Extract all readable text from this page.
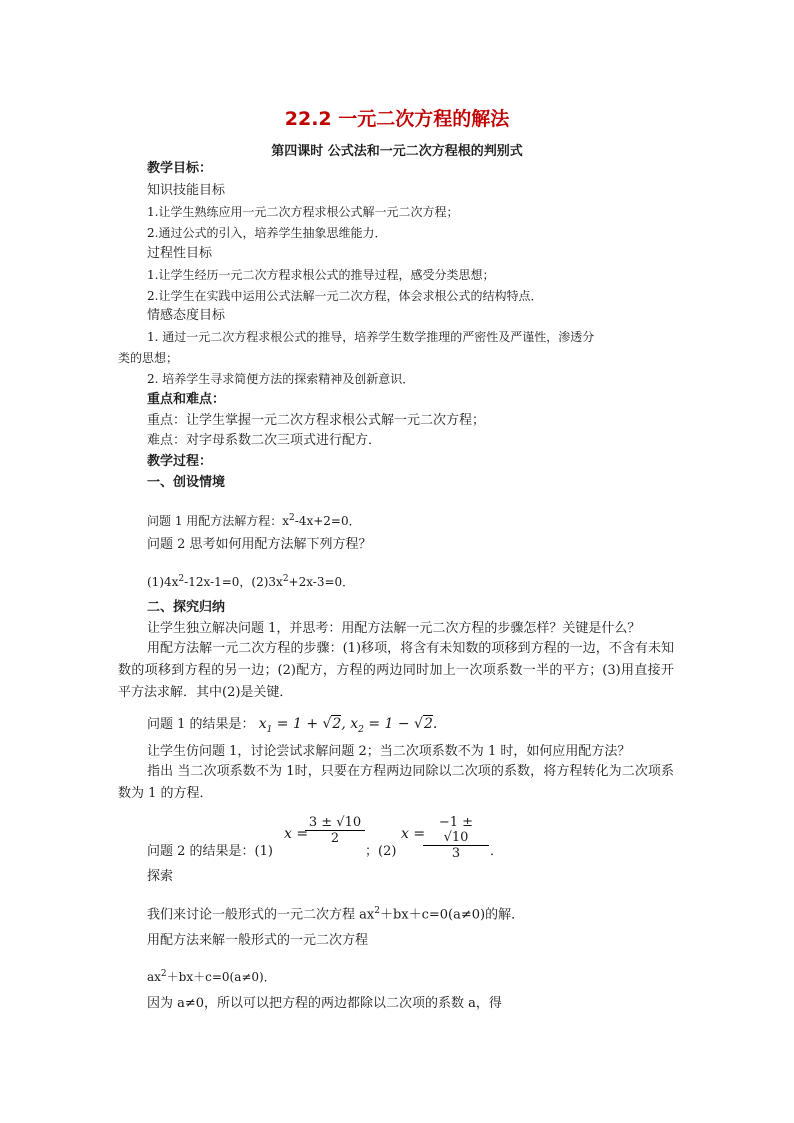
22.2 一元二次方程的解法
第四课时 公式法和一元二次方程根的判别式
教学目标：
知识技能目标
1.让学生熟练应用一元二次方程求根公式解一元二次方程；
2.通过公式的引入，培养学生抽象思维能力．
过程性目标
1.让学生经历一元二次方程求根公式的推导过程，感受分类思想；
2.让学生在实践中运用公式法解一元二次方程，体会求根公式的结构特点．
情感态度目标
1. 通过一元二次方程求根公式的推导，培养学生数学推理的严密性及严谨性，渗透分
类的思想；
2. 培养学生寻求简便方法的探索精神及创新意识．
重点和难点：
重点：让学生掌握一元二次方程求根公式解一元二次方程；
难点：对字母系数二次三项式进行配方．
教学过程：
一、创设情境
问题 1 用配方法解方程：$x^2-4x+2=0$．
问题 2 思考如何用配方法解下列方程？
$(1)4x^2-12x-1=0$，$(2)3x^2+2x-3=0$．
二、探究归纳
让学生独立解决问题 1，并思考：用配方法解一元二次方程的步骤怎样？关键是什么？
用配方法解一元二次方程的步骤：(1)移项，将含有未知数的项移到方程的一边，不含有未知数的项移到方程的另一边；(2)配方，方程的两边同时加上一次项系数一半的平方；(3)用直接开平方法求解．其中(2)是关键．
问题 1 的结果是： $x_1 = 1 + √2$, $x_2 = 1 - √2$.
让学生仿问题 1，讨论尝试求解问题 2；当二次项系数不为 1 时，如何应用配方法？
指出 当二次项系数不为 1时，只要在方程两边同除以二次项的系数，将方程转化为二次项系数为 1 的方程．
x =
3 ± √10
2	x =
−1 ± √10
3
问题 2 的结果是：(1)	；(2)	．
探索
我们来讨论一般形式的一元二次方程 $ax^2+bx+c=0(a\ne 0)$的解．
用配方法来解一般形式的一元二次方程
$ax^2+bx+c=0(a\ne 0)$．
因为 a≠0，所以可以把方程的两边都除以二次项的系数 a，得
